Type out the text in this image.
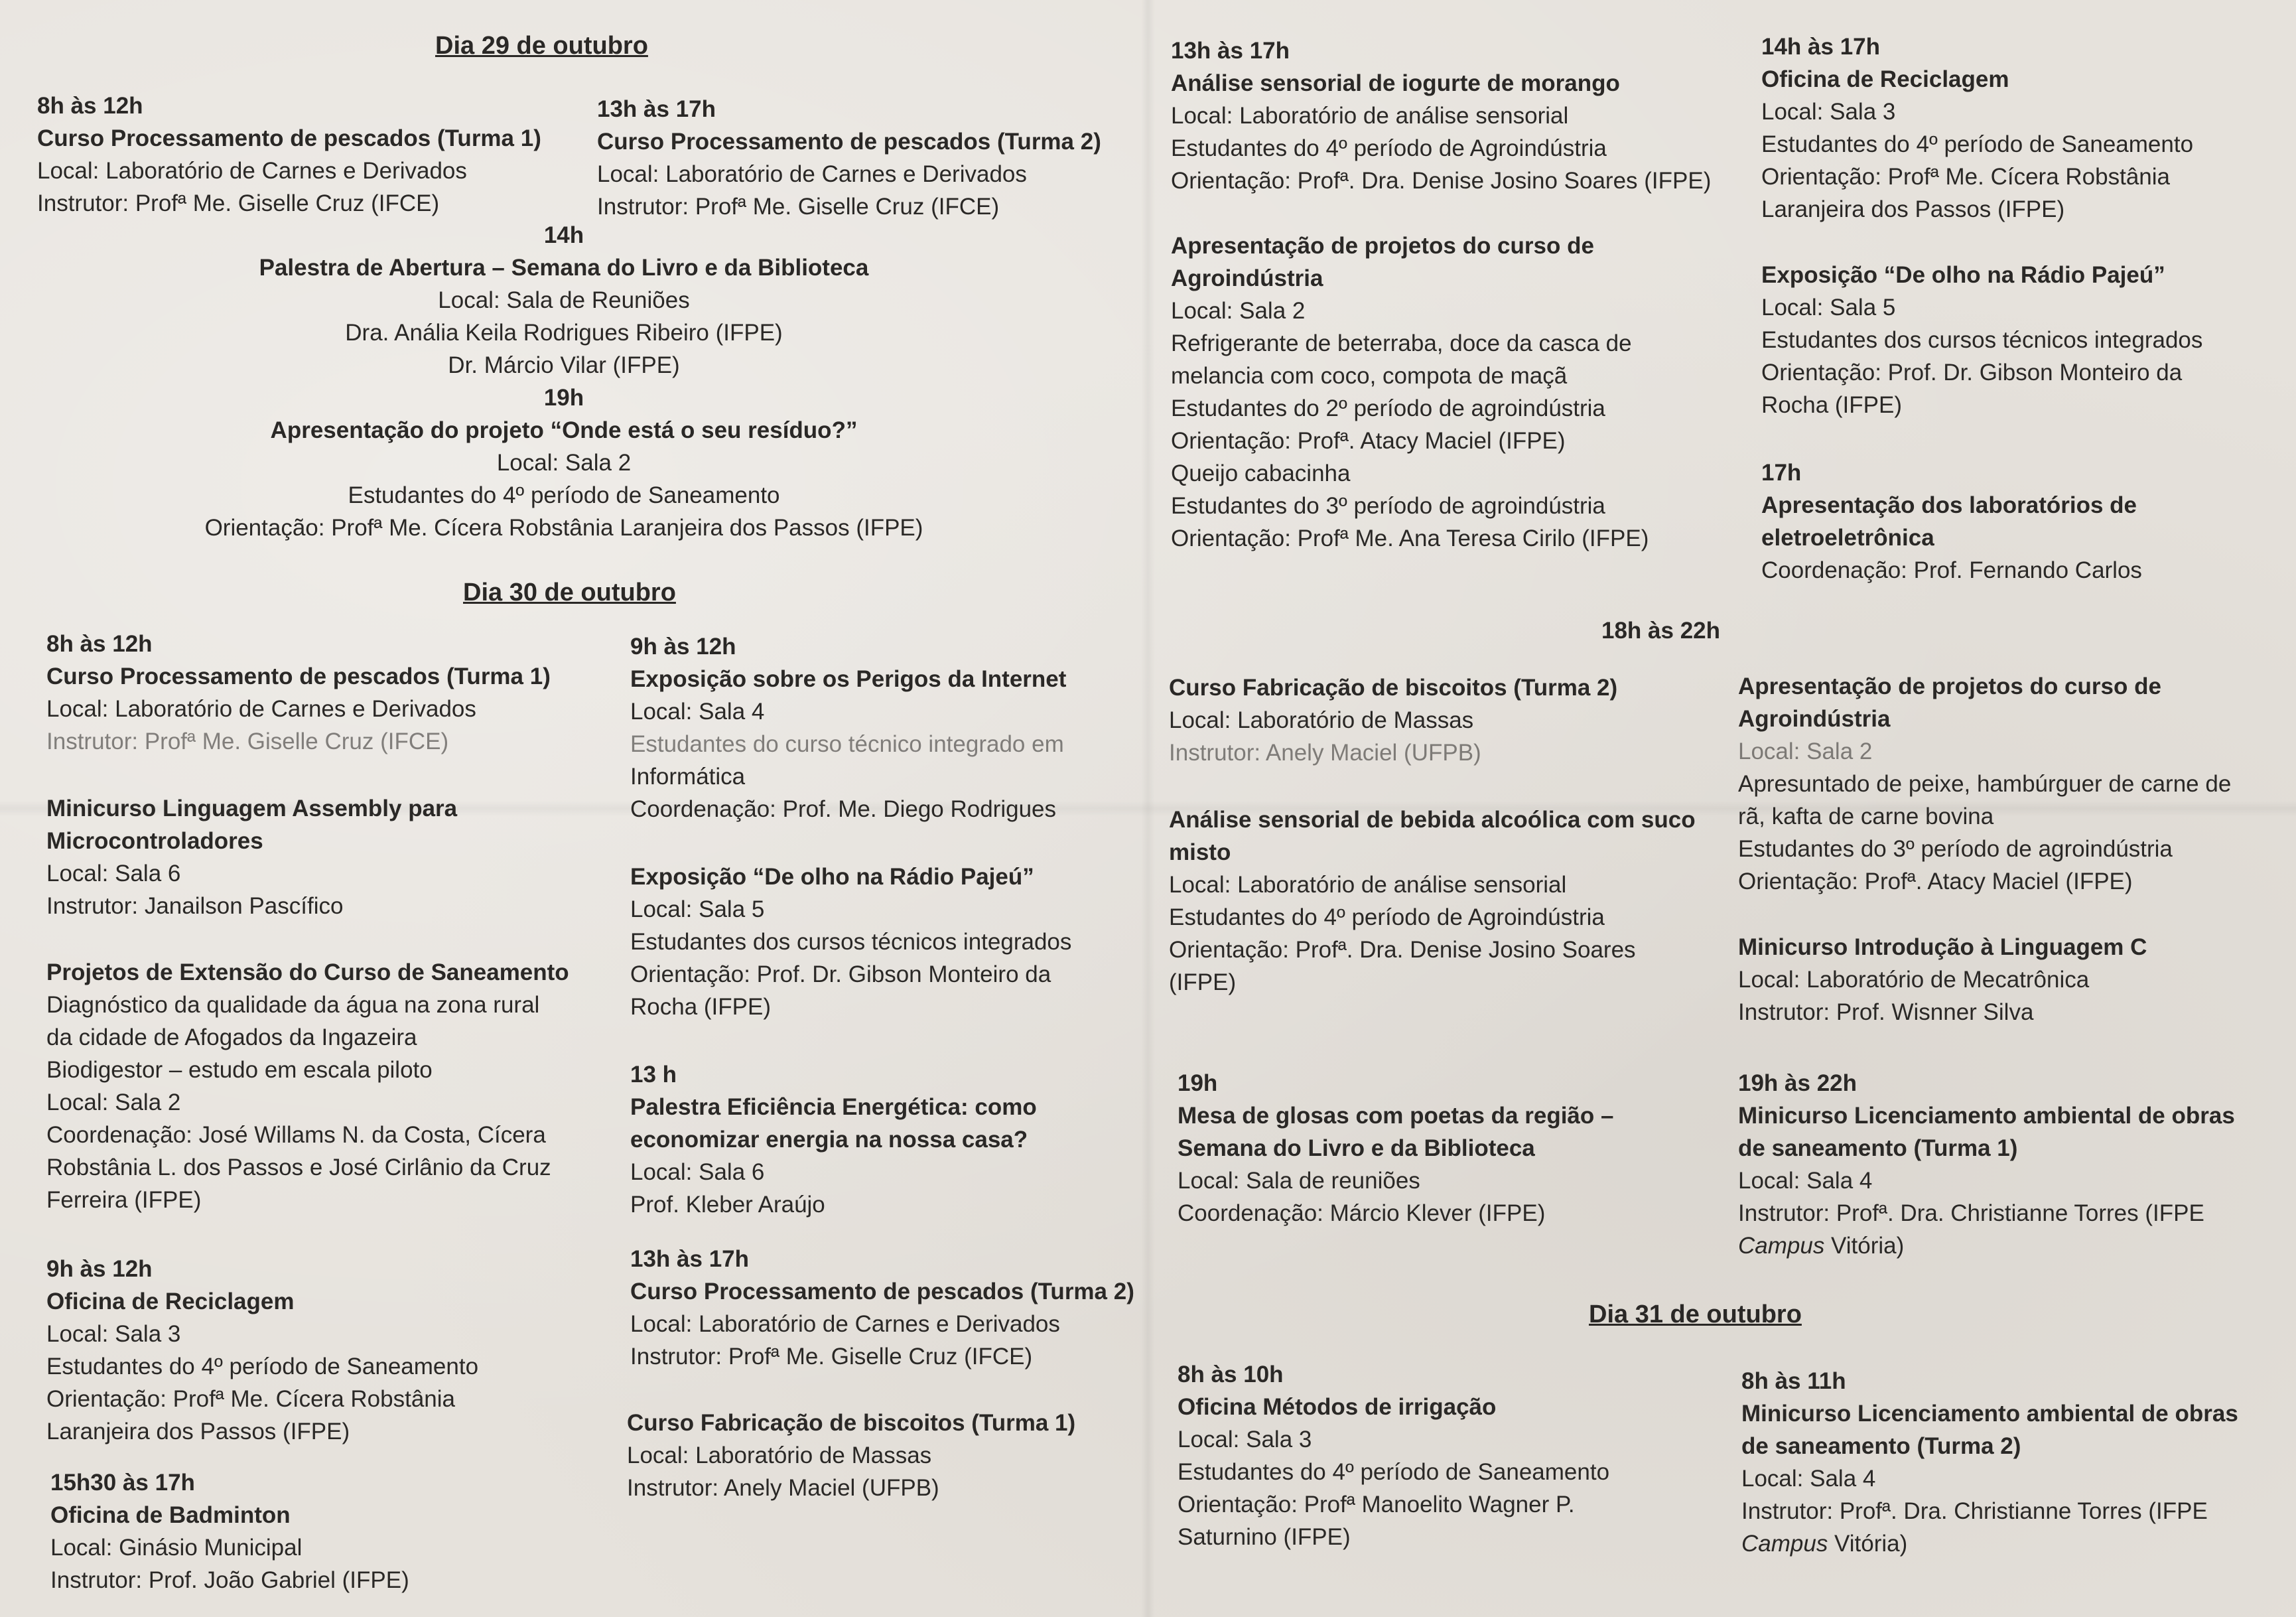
Dia 29 de outubro
8h às 12h
Curso Processamento de pescados (Turma 1)
Local: Laboratório de Carnes e Derivados
Instrutor: Profª Me. Giselle Cruz (IFCE)
13h às 17h
Curso Processamento de pescados (Turma 2)
Local: Laboratório de Carnes e Derivados
Instrutor: Profª Me. Giselle Cruz (IFCE)
14h
Palestra de Abertura – Semana do Livro e da Biblioteca
Local: Sala de Reuniões
Dra. Anália Keila Rodrigues Ribeiro (IFPE)
Dr. Márcio Vilar (IFPE)
19h
Apresentação do projeto “Onde está o seu resíduo?”
Local: Sala 2
Estudantes do 4º período de Saneamento
Orientação: Profª Me. Cícera Robstânia Laranjeira dos Passos (IFPE)
Dia 30 de outubro
8h às 12h
Curso Processamento de pescados (Turma 1)
Local: Laboratório de Carnes e Derivados
Instrutor: Profª Me. Giselle Cruz (IFCE)
Minicurso Linguagem Assembly para
Microcontroladores
Local: Sala 6
Instrutor: Janailson Pascífico
Projetos de Extensão do Curso de Saneamento
Diagnóstico da qualidade da água na zona rural
da cidade de Afogados da Ingazeira
Biodigestor – estudo em escala piloto
Local: Sala 2
Coordenação: José Willams N. da Costa, Cícera
Robstânia L. dos Passos e José Cirlânio da Cruz
Ferreira (IFPE)
9h às 12h
Oficina de Reciclagem
Local: Sala 3
Estudantes do 4º período de Saneamento
Orientação: Profª Me. Cícera Robstânia
Laranjeira dos Passos (IFPE)
15h30 às 17h
Oficina de Badminton
Local: Ginásio Municipal
Instrutor: Prof. João Gabriel (IFPE)
9h às 12h
Exposição sobre os Perigos da Internet
Local: Sala 4
Estudantes do curso técnico integrado em
Informática
Coordenação: Prof. Me. Diego Rodrigues
Exposição “De olho na Rádio Pajeú”
Local: Sala 5
Estudantes dos cursos técnicos integrados
Orientação: Prof. Dr. Gibson Monteiro da
Rocha (IFPE)
13 h
Palestra Eficiência Energética: como
economizar energia na nossa casa?
Local: Sala 6
Prof. Kleber Araújo
13h às 17h
Curso Processamento de pescados (Turma 2)
Local: Laboratório de Carnes e Derivados
Instrutor: Profª Me. Giselle Cruz (IFCE)
Curso Fabricação de biscoitos (Turma 1)
Local: Laboratório de Massas
Instrutor: Anely Maciel (UFPB)
13h às 17h
Análise sensorial de iogurte de morango
Local: Laboratório de análise sensorial
Estudantes do 4º período de Agroindústria
Orientação: Profª. Dra. Denise Josino Soares (IFPE)
Apresentação de projetos do curso de
Agroindústria
Local: Sala 2
Refrigerante de beterraba, doce da casca de
melancia com coco, compota de maçã
Estudantes do 2º período de agroindústria
Orientação: Profª. Atacy Maciel (IFPE)
Queijo cabacinha
Estudantes do 3º período de agroindústria
Orientação: Profª Me. Ana Teresa Cirilo (IFPE)
14h às 17h
Oficina de Reciclagem
Local: Sala 3
Estudantes do 4º período de Saneamento
Orientação: Profª Me. Cícera Robstânia
Laranjeira dos Passos (IFPE)
Exposição “De olho na Rádio Pajeú”
Local: Sala 5
Estudantes dos cursos técnicos integrados
Orientação: Prof. Dr. Gibson Monteiro da
Rocha (IFPE)
17h
Apresentação dos laboratórios de
eletroeletrônica
Coordenação: Prof. Fernando Carlos
18h às 22h
Curso Fabricação de biscoitos (Turma 2)
Local: Laboratório de Massas
Instrutor: Anely Maciel (UFPB)
Análise sensorial de bebida alcoólica com suco
misto
Local: Laboratório de análise sensorial
Estudantes do 4º período de Agroindústria
Orientação: Profª. Dra. Denise Josino Soares
(IFPE)
19h
Mesa de glosas com poetas da região –
Semana do Livro e da Biblioteca
Local: Sala de reuniões
Coordenação: Márcio Klever (IFPE)
Apresentação de projetos do curso de
Agroindústria
Local: Sala 2
Apresuntado de peixe, hambúrguer de carne de
rã, kafta de carne bovina
Estudantes do 3º período de agroindústria
Orientação: Profª. Atacy Maciel (IFPE)
Minicurso Introdução à Linguagem C
Local: Laboratório de Mecatrônica
Instrutor: Prof. Wisnner Silva
19h às 22h
Minicurso Licenciamento ambiental de obras
de saneamento (Turma 1)
Local: Sala 4
Instrutor: Profª. Dra. Christianne Torres (IFPE
Campus Vitória)
Dia 31 de outubro
8h às 10h
Oficina Métodos de irrigação
Local: Sala 3
Estudantes do 4º período de Saneamento
Orientação: Profª Manoelito Wagner P.
Saturnino (IFPE)
8h às 11h
Minicurso Licenciamento ambiental de obras
de saneamento (Turma 2)
Local: Sala 4
Instrutor: Profª. Dra. Christianne Torres (IFPE
Campus Vitória)
